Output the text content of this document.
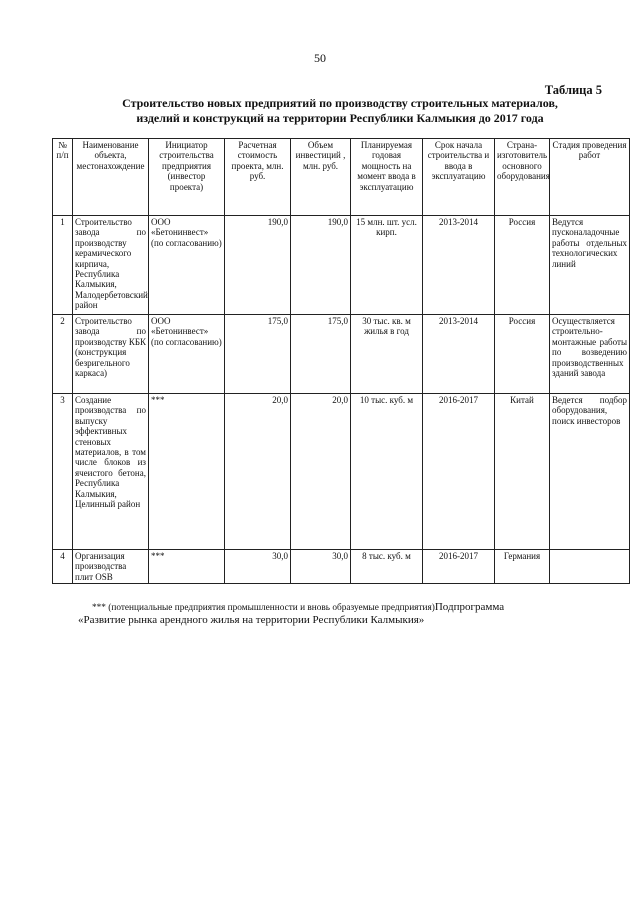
50
Таблица 5
Строительство новых предприятий по производству строительных материалов,
изделий и конструкций на территории Республики Калмыкия до 2017 года
№ п/п	Наименование объекта, местонахождение	Инициатор строительства предприятия (инвестор проекта)	Расчетная стоимость проекта, млн. руб.	Объем инвестиций , млн. руб.	Планируемая годовая мощность на момент ввода в эксплуатацию	Срок начала строительства и ввода в эксплуатацию	Страна-изготовитель основного оборудования	Стадия проведения работ
1	Строительство завода по производству керамического кирпича, Республика Калмыкия, Малодербетовский район	ООО «Бетонинвест» (по согласованию)	190,0	190,0	15 млн. шт. усл. кирп.	2013-2014	Россия	Ведутся пусконаладочные работы отдельных технологических линий
2	Строительство завода по производству КБК (конструкция безригельного каркаса)	ООО «Бетонинвест» (по согласованию)	175,0	175,0	30 тыс. кв. м жилья в год	2013-2014	Россия	Осуществляется строительно-монтажные работы по возведению производственных зданий завода
3	Создание производства по выпуску эффективных стеновых материалов, в том числе блоков из ячеистого бетона, Республика Калмыкия, Целинный район	***	20,0	20,0	10 тыс. куб. м	2016-2017	Китай	Ведется подбор оборудования, поиск инвесторов
4	Организация производства плит OSB	***	30,0	30,0	8 тыс. куб. м	2016-2017	Германия	
*** (потенциальные предприятия промышленности и вновь образуемые предприятия)Подпрограмма
«Развитие рынка арендного жилья на территории Республики Калмыкия»
